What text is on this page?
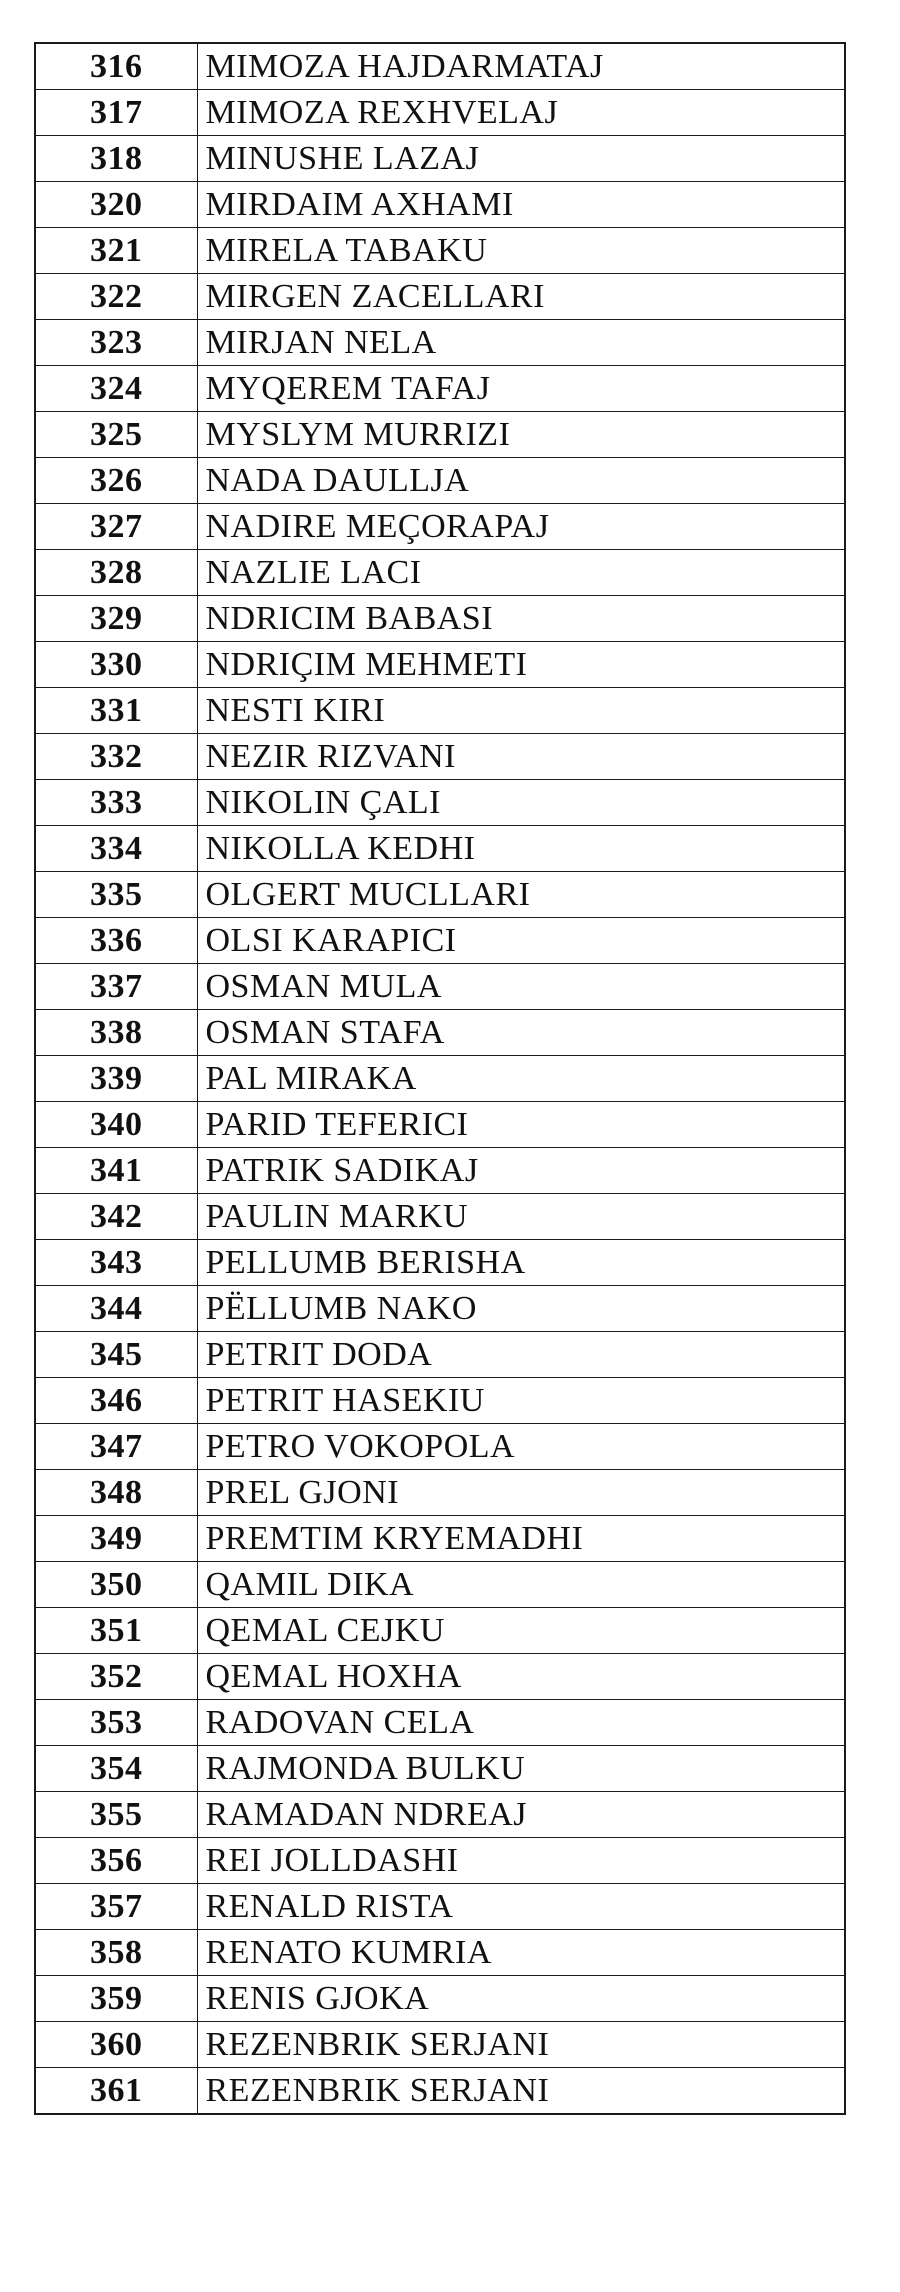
316	MIMOZA HAJDARMATAJ
317	MIMOZA REXHVELAJ
318	MINUSHE LAZAJ
320	MIRDAIM AXHAMI
321	MIRELA TABAKU
322	MIRGEN ZACELLARI
323	MIRJAN NELA
324	MYQEREM TAFAJ
325	MYSLYM MURRIZI
326	NADA DAULLJA
327	NADIRE MEÇORAPAJ
328	NAZLIE LACI
329	NDRICIM BABASI
330	NDRIÇIM MEHMETI
331	NESTI KIRI
332	NEZIR RIZVANI
333	NIKOLIN ÇALI
334	NIKOLLA KEDHI
335	OLGERT MUCLLARI
336	OLSI KARAPICI
337	OSMAN MULA
338	OSMAN STAFA
339	PAL MIRAKA
340	PARID TEFERICI
341	PATRIK SADIKAJ
342	PAULIN MARKU
343	PELLUMB BERISHA
344	PËLLUMB NAKO
345	PETRIT DODA
346	PETRIT HASEKIU
347	PETRO VOKOPOLA
348	PREL GJONI
349	PREMTIM KRYEMADHI
350	QAMIL DIKA
351	QEMAL CEJKU
352	QEMAL HOXHA
353	RADOVAN CELA
354	RAJMONDA BULKU
355	RAMADAN NDREAJ
356	REI JOLLDASHI
357	RENALD RISTA
358	RENATO KUMRIA
359	RENIS GJOKA
360	REZENBRIK SERJANI
361	REZENBRIK SERJANI
